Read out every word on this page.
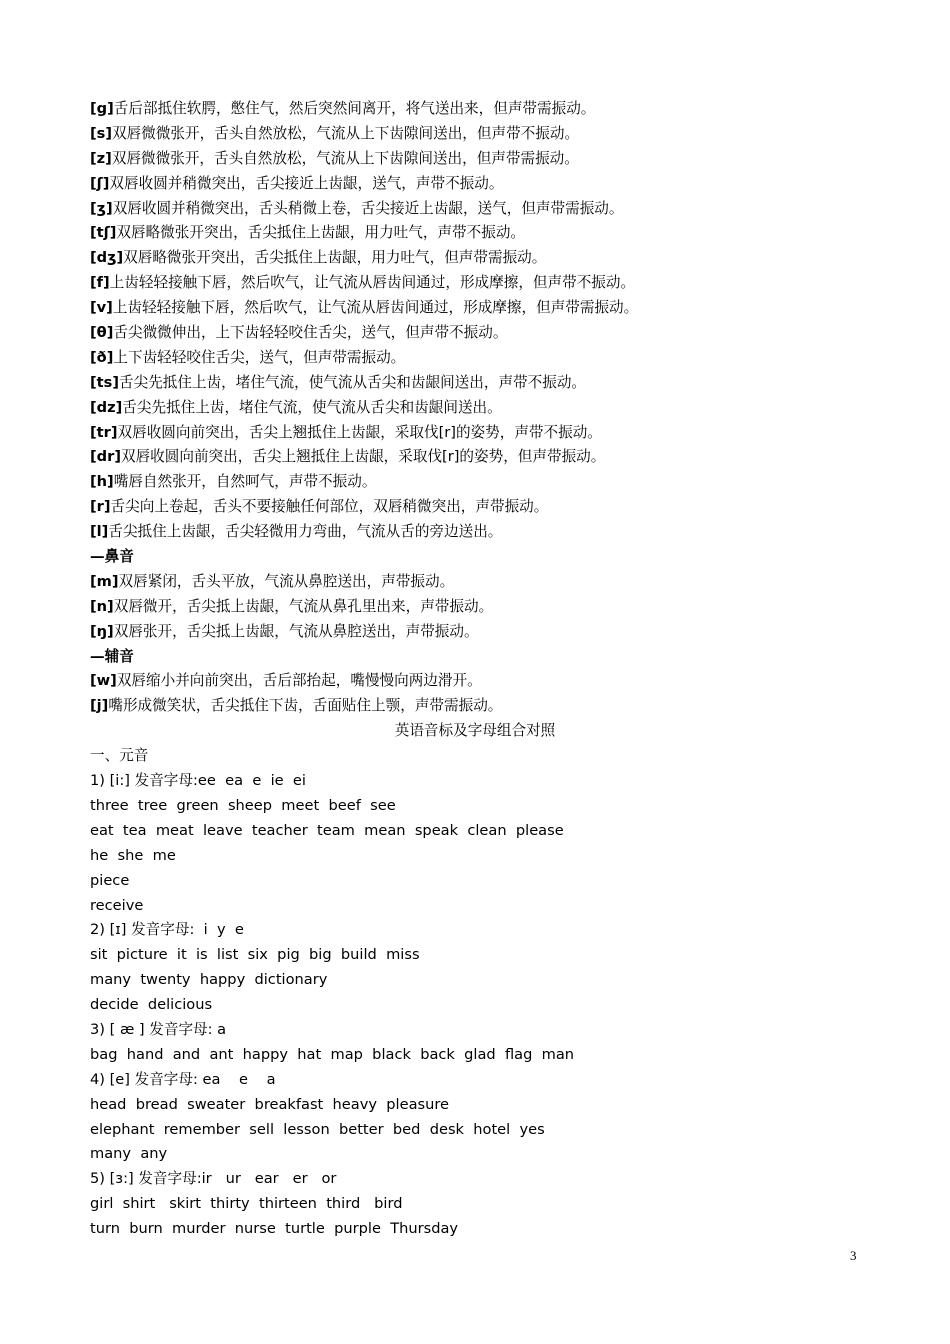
[g]舌后部抵住软腭，憋住气，然后突然间离开，将气送出来，但声带需振动。
[s]双唇微微张开，舌头自然放松，气流从上下齿隙间送出，但声带不振动。
[z]双唇微微张开，舌头自然放松，气流从上下齿隙间送出，但声带需振动。
[ʃ]双唇收圆并稍微突出，舌尖接近上齿龈，送气，声带不振动。
[ʒ]双唇收圆并稍微突出，舌头稍微上卷，舌尖接近上齿龈，送气，但声带需振动。
[tʃ]双唇略微张开突出，舌尖抵住上齿龈，用力吐气，声带不振动。
[dʒ]双唇略微张开突出，舌尖抵住上齿龈，用力吐气，但声带需振动。
[f]上齿轻轻接触下唇，然后吹气，让气流从唇齿间通过，形成摩擦，但声带不振动。
[v]上齿轻轻接触下唇，然后吹气，让气流从唇齿间通过，形成摩擦，但声带需振动。
[θ]舌尖微微伸出，上下齿轻轻咬住舌尖，送气，但声带不振动。
[ð]上下齿轻轻咬住舌尖，送气，但声带需振动。
[ts]舌尖先抵住上齿，堵住气流，使气流从舌尖和齿龈间送出，声带不振动。
[dz]舌尖先抵住上齿，堵住气流，使气流从舌尖和齿龈间送出。
[tr]双唇收圆向前突出，舌尖上翘抵住上齿龈，采取伐[r]的姿势，声带不振动。
[dr]双唇收圆向前突出，舌尖上翘抵住上齿龈，采取伐[r]的姿势，但声带振动。
[h]嘴唇自然张开，自然呵气，声带不振动。
[r]舌尖向上卷起，舌头不要接触任何部位，双唇稍微突出，声带振动。
[l]舌尖抵住上齿龈，舌尖轻微用力弯曲，气流从舌的旁边送出。
—鼻音
[m]双唇紧闭，舌头平放，气流从鼻腔送出，声带振动。
[n]双唇微开，舌尖抵上齿龈，气流从鼻孔里出来，声带振动。
[ŋ]双唇张开，舌尖抵上齿龈，气流从鼻腔送出，声带振动。
—辅音
[w]双唇缩小并向前突出，舌后部抬起，嘴慢慢向两边滑开。
[j]嘴形成微笑状，舌尖抵住下齿，舌面贴住上颚，声带需振动。
英语音标及字母组合对照
一、元音
1) [i:] 发音字母:ee  ea  e  ie  ei
three  tree  green  sheep  meet  beef  see
eat  tea  meat  leave  teacher  team  mean  speak  clean  please
he  she  me
piece
receive
2) [ɪ] 发音字母:  i  y  e
sit  picture  it  is  list  six  pig  big  build  miss
many  twenty  happy  dictionary
decide  delicious
3) [ æ ] 发音字母: a
bag  hand  and  ant  happy  hat  map  black  back  glad  flag  man
4) [e] 发音字母: ea    e    a
head  bread  sweater  breakfast  heavy  pleasure
elephant  remember  sell  lesson  better  bed  desk  hotel  yes
many  any
5) [ɜ:] 发音字母:ir   ur   ear   er   or
girl  shirt   skirt  thirty  thirteen  third   bird
turn  burn  murder  nurse  turtle  purple  Thursday
3
